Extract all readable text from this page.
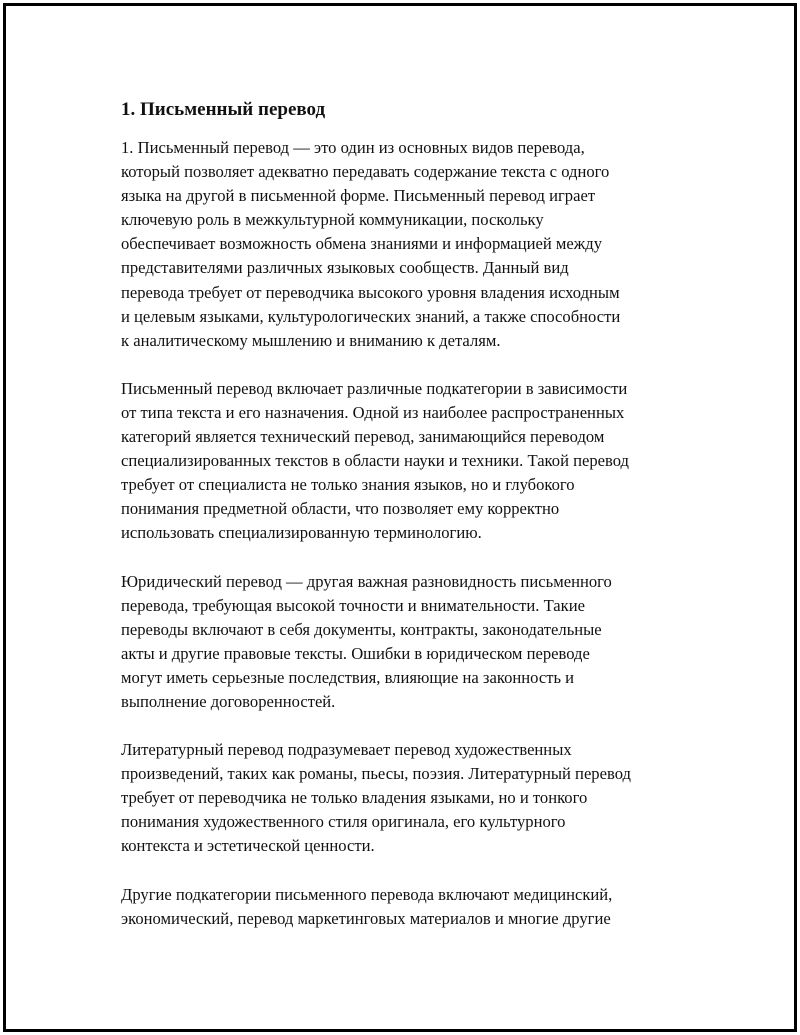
1. Письменный перевод

1. Письменный перевод — это один из основных видов перевода,
который позволяет адекватно передавать содержание текста с одного
языка на другой в письменной форме. Письменный перевод играет
ключевую роль в межкультурной коммуникации, поскольку
обеспечивает возможность обмена знаниями и информацией между
представителями различных языковых сообществ. Данный вид
перевода требует от переводчика высокого уровня владения исходным
и целевым языками, культурологических знаний, а также способности
к аналитическому мышлению и вниманию к деталям.

Письменный перевод включает различные подкатегории в зависимости
от типа текста и его назначения. Одной из наиболее распространенных
категорий является технический перевод, занимающийся переводом
специализированных текстов в области науки и техники. Такой перевод
требует от специалиста не только знания языков, но и глубокого
понимания предметной области, что позволяет ему корректно
использовать специализированную терминологию.

Юридический перевод — другая важная разновидность письменного
перевода, требующая высокой точности и внимательности. Такие
переводы включают в себя документы, контракты, законодательные
акты и другие правовые тексты. Ошибки в юридическом переводе
могут иметь серьезные последствия, влияющие на законность и
выполнение договоренностей.

Литературный перевод подразумевает перевод художественных
произведений, таких как романы, пьесы, поэзия. Литературный перевод
требует от переводчика не только владения языками, но и тонкого
понимания художественного стиля оригинала, его культурного
контекста и эстетической ценности.

Другие подкатегории письменного перевода включают медицинский,
экономический, перевод маркетинговых материалов и многие другие
